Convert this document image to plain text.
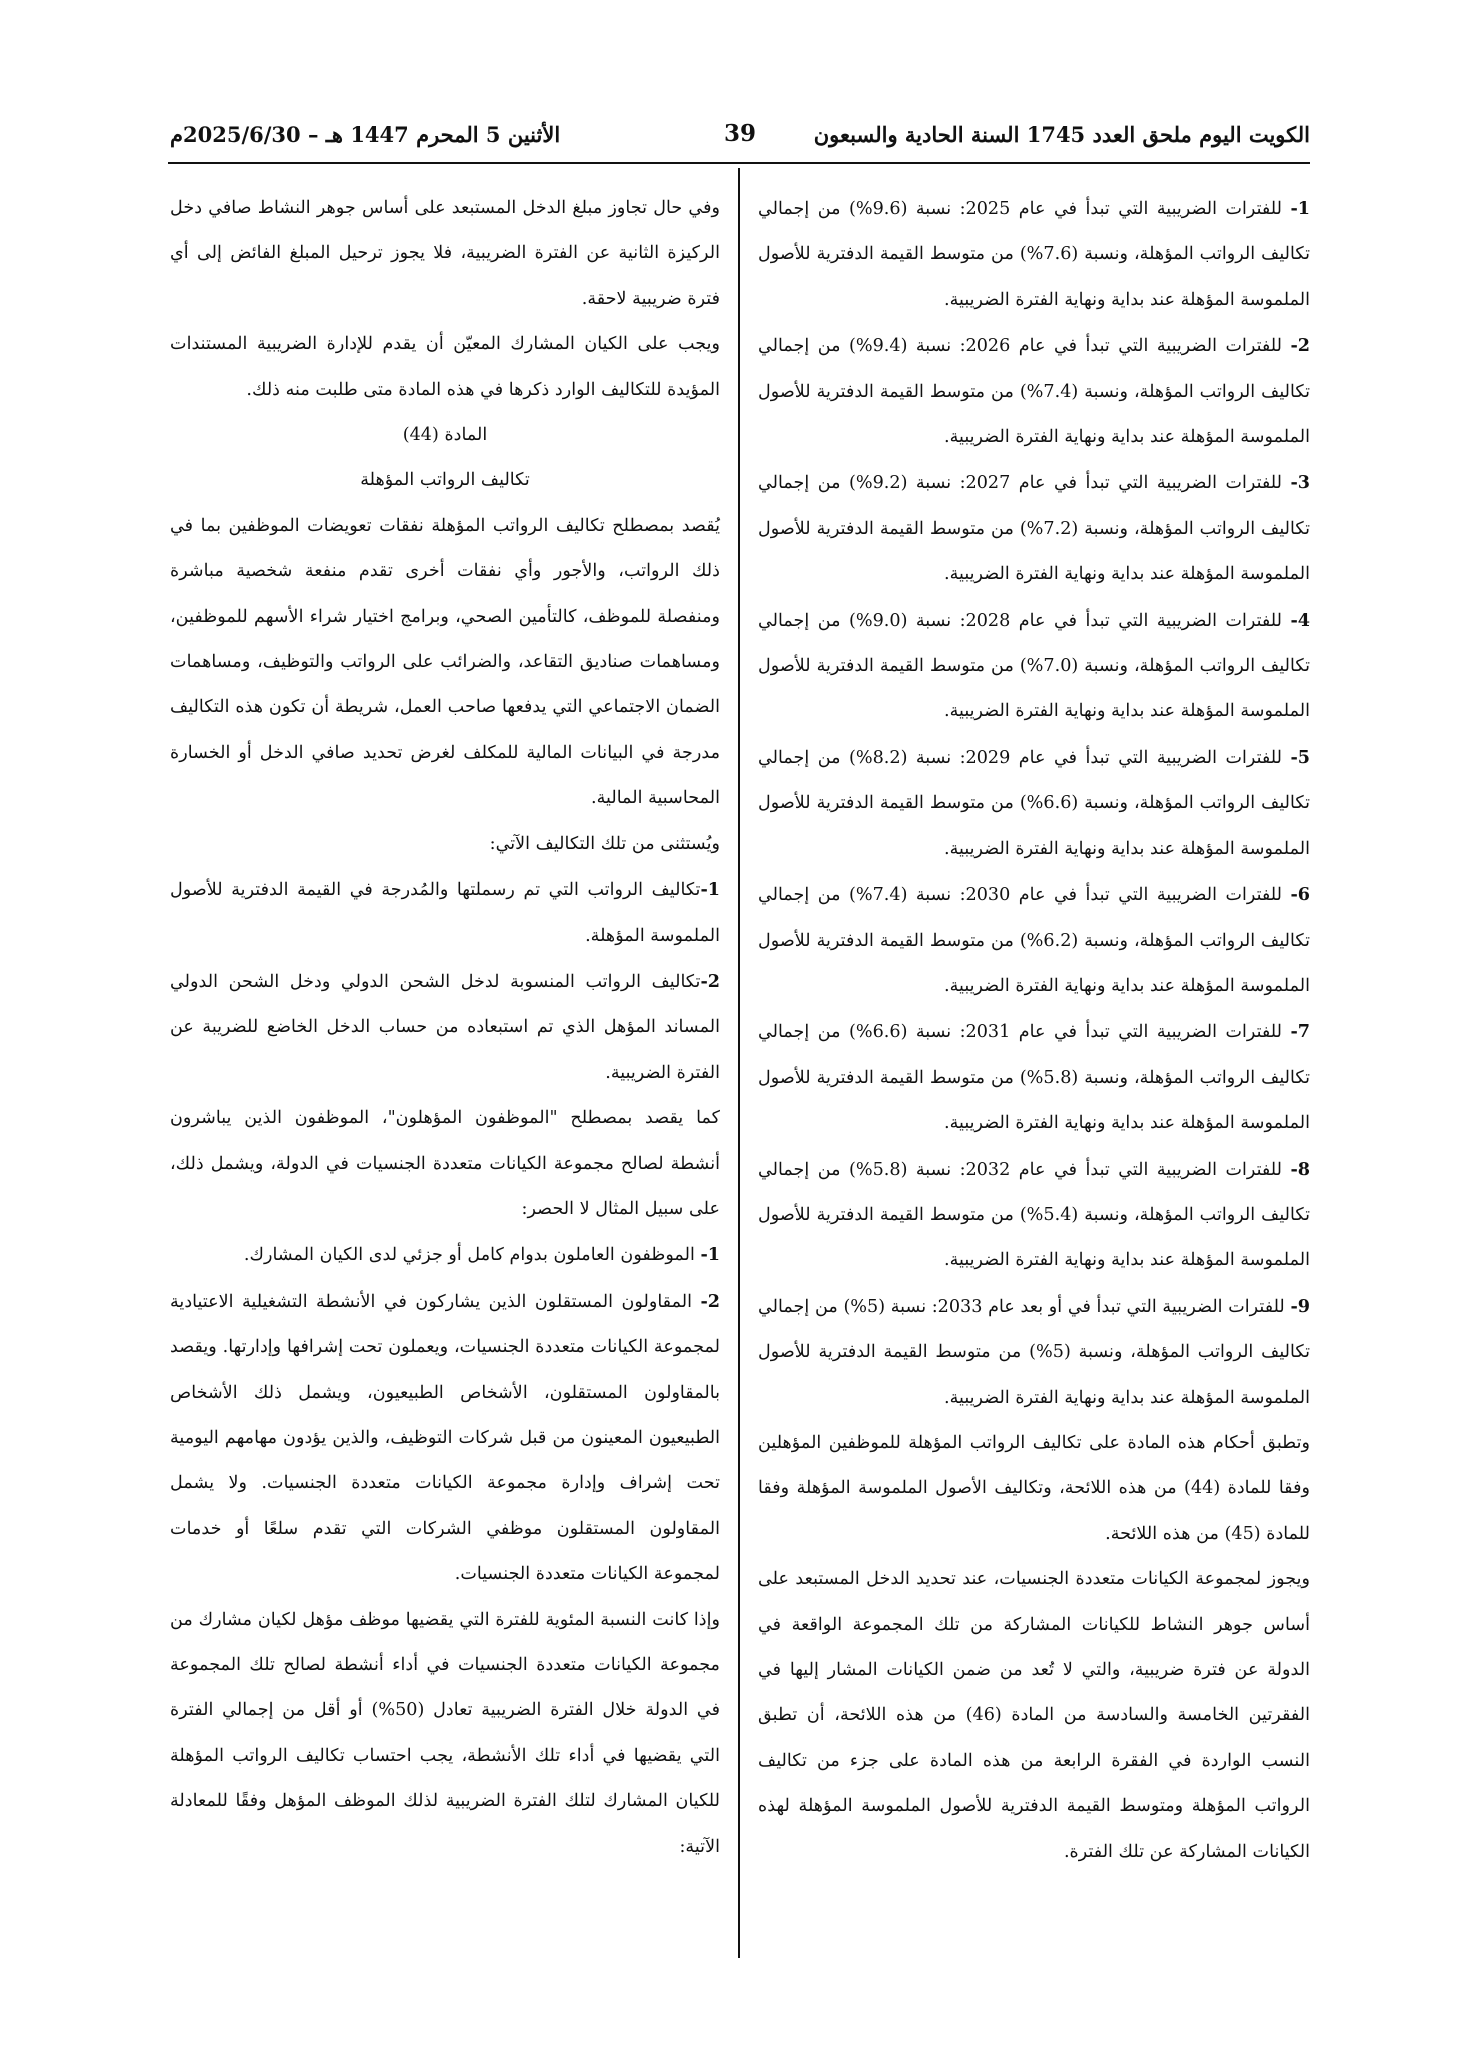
الكويت اليوم ملحق العدد 1745 السنة الحادية والسبعون
39
الأثنين 5 المحرم 1447 هـ – 2025/6/30م

1- للفترات الضريبية التي تبدأ في عام 2025: نسبة (9.6%) من إجمالي تكاليف الرواتب المؤهلة، ونسبة (7.6%) من متوسط القيمة الدفترية للأصول الملموسة المؤهلة عند بداية ونهاية الفترة الضريبية.

2- للفترات الضريبية التي تبدأ في عام 2026: نسبة (9.4%) من إجمالي تكاليف الرواتب المؤهلة، ونسبة (7.4%) من متوسط القيمة الدفترية للأصول الملموسة المؤهلة عند بداية ونهاية الفترة الضريبية.

3- للفترات الضريبية التي تبدأ في عام 2027: نسبة (9.2%) من إجمالي تكاليف الرواتب المؤهلة، ونسبة (7.2%) من متوسط القيمة الدفترية للأصول الملموسة المؤهلة عند بداية ونهاية الفترة الضريبية.

4- للفترات الضريبية التي تبدأ في عام 2028: نسبة (9.0%) من إجمالي تكاليف الرواتب المؤهلة، ونسبة (7.0%) من متوسط القيمة الدفترية للأصول الملموسة المؤهلة عند بداية ونهاية الفترة الضريبية.

5- للفترات الضريبية التي تبدأ في عام 2029: نسبة (8.2%) من إجمالي تكاليف الرواتب المؤهلة، ونسبة (6.6%) من متوسط القيمة الدفترية للأصول الملموسة المؤهلة عند بداية ونهاية الفترة الضريبية.

6- للفترات الضريبية التي تبدأ في عام 2030: نسبة (7.4%) من إجمالي تكاليف الرواتب المؤهلة، ونسبة (6.2%) من متوسط القيمة الدفترية للأصول الملموسة المؤهلة عند بداية ونهاية الفترة الضريبية.

7- للفترات الضريبية التي تبدأ في عام 2031: نسبة (6.6%) من إجمالي تكاليف الرواتب المؤهلة، ونسبة (5.8%) من متوسط القيمة الدفترية للأصول الملموسة المؤهلة عند بداية ونهاية الفترة الضريبية.

8- للفترات الضريبية التي تبدأ في عام 2032: نسبة (5.8%) من إجمالي تكاليف الرواتب المؤهلة، ونسبة (5.4%) من متوسط القيمة الدفترية للأصول الملموسة المؤهلة عند بداية ونهاية الفترة الضريبية.

9- للفترات الضريبية التي تبدأ في أو بعد عام 2033: نسبة (5%) من إجمالي تكاليف الرواتب المؤهلة، ونسبة (5%) من متوسط القيمة الدفترية للأصول الملموسة المؤهلة عند بداية ونهاية الفترة الضريبية.

وتطبق أحكام هذه المادة على تكاليف الرواتب المؤهلة للموظفين المؤهلين وفقا للمادة (44) من هذه اللائحة، وتكاليف الأصول الملموسة المؤهلة وفقا للمادة (45) من هذه اللائحة.

ويجوز لمجموعة الكيانات متعددة الجنسيات، عند تحديد الدخل المستبعد على أساس جوهر النشاط للكيانات المشاركة من تلك المجموعة الواقعة في الدولة عن فترة ضريبية، والتي لا تُعد من ضمن الكيانات المشار إليها في الفقرتين الخامسة والسادسة من المادة (46) من هذه اللائحة، أن تطبق النسب الواردة في الفقرة الرابعة من هذه المادة على جزء من تكاليف الرواتب المؤهلة ومتوسط القيمة الدفترية للأصول الملموسة المؤهلة لهذه الكيانات المشاركة عن تلك الفترة.

وفي حال تجاوز مبلغ الدخل المستبعد على أساس جوهر النشاط صافي دخل الركيزة الثانية عن الفترة الضريبية، فلا يجوز ترحيل المبلغ الفائض إلى أي فترة ضريبية لاحقة.

ويجب على الكيان المشارك المعيّن أن يقدم للإدارة الضريبية المستندات المؤيدة للتكاليف الوارد ذكرها في هذه المادة متى طلبت منه ذلك.

المادة (44)

تكاليف الرواتب المؤهلة

يُقصد بمصطلح تكاليف الرواتب المؤهلة نفقات تعويضات الموظفين بما في ذلك الرواتب، والأجور وأي نفقات أخرى تقدم منفعة شخصية مباشرة ومنفصلة للموظف، كالتأمين الصحي، وبرامج اختيار شراء الأسهم للموظفين، ومساهمات صناديق التقاعد، والضرائب على الرواتب والتوظيف، ومساهمات الضمان الاجتماعي التي يدفعها صاحب العمل، شريطة أن تكون هذه التكاليف مدرجة في البيانات المالية للمكلف لغرض تحديد صافي الدخل أو الخسارة المحاسبية المالية.

ويُستثنى من تلك التكاليف الآتي:

1-تكاليف الرواتب التي تم رسملتها والمُدرجة في القيمة الدفترية للأصول الملموسة المؤهلة.

2-تكاليف الرواتب المنسوبة لدخل الشحن الدولي ودخل الشحن الدولي المساند المؤهل الذي تم استبعاده من حساب الدخل الخاضع للضريبة عن الفترة الضريبية.

كما يقصد بمصطلح "الموظفون المؤهلون"، الموظفون الذين يباشرون أنشطة لصالح مجموعة الكيانات متعددة الجنسيات في الدولة، ويشمل ذلك، على سبيل المثال لا الحصر:

1- الموظفون العاملون بدوام كامل أو جزئي لدى الكيان المشارك.

2- المقاولون المستقلون الذين يشاركون في الأنشطة التشغيلية الاعتيادية لمجموعة الكيانات متعددة الجنسيات، ويعملون تحت إشرافها وإدارتها. ويقصد بالمقاولون المستقلون، الأشخاص الطبيعيون، ويشمل ذلك الأشخاص الطبيعيون المعينون من قبل شركات التوظيف، والذين يؤدون مهامهم اليومية تحت إشراف وإدارة مجموعة الكيانات متعددة الجنسيات. ولا يشمل المقاولون المستقلون موظفي الشركات التي تقدم سلعًا أو خدمات لمجموعة الكيانات متعددة الجنسيات.

وإذا كانت النسبة المئوية للفترة التي يقضيها موظف مؤهل لكيان مشارك من مجموعة الكيانات متعددة الجنسيات في أداء أنشطة لصالح تلك المجموعة في الدولة خلال الفترة الضريبية تعادل (50%) أو أقل من إجمالي الفترة التي يقضيها في أداء تلك الأنشطة، يجب احتساب تكاليف الرواتب المؤهلة للكيان المشارك لتلك الفترة الضريبية لذلك الموظف المؤهل وفقًا للمعادلة الآتية:
